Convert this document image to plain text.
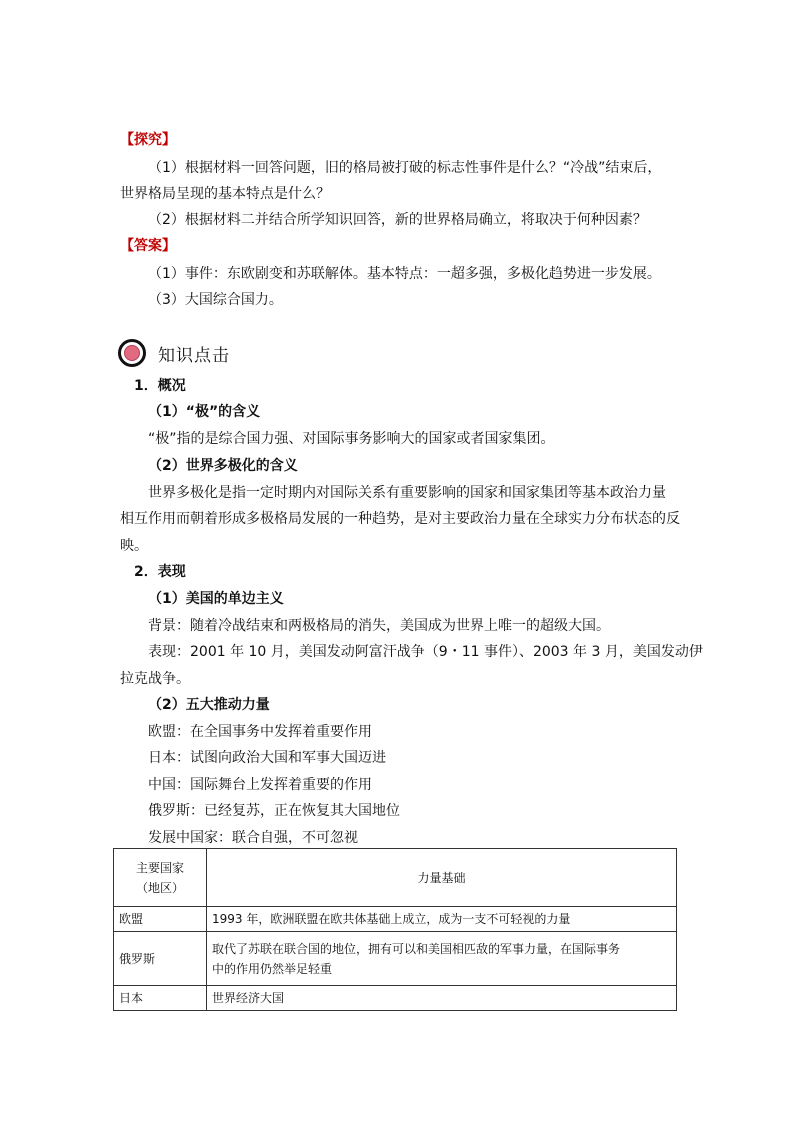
【探究】
（1）根据材料一回答问题，旧的格局被打破的标志性事件是什么？“冷战”结束后，
世界格局呈现的基本特点是什么？
（2）根据材料二并结合所学知识回答，新的世界格局确立，将取决于何种因素？
【答案】
（1）事件：东欧剧变和苏联解体。基本特点：一超多强，多极化趋势进一步发展。
（3）大国综合国力。
知识点击
1．概况
（1）“极”的含义
“极”指的是综合国力强、对国际事务影响大的国家或者国家集团。
（2）世界多极化的含义
世界多极化是指一定时期内对国际关系有重要影响的国家和国家集团等基本政治力量
相互作用而朝着形成多极格局发展的一种趋势，是对主要政治力量在全球实力分布状态的反
映。
2．表现
（1）美国的单边主义
背景：随着冷战结束和两极格局的消失，美国成为世界上唯一的超级大国。
表现：2001 年 10 月，美国发动阿富汗战争（9・11 事件）、2003 年 3 月，美国发动伊
拉克战争。
（2）五大推动力量
欧盟：在全国事务中发挥着重要作用
日本：试图向政治大国和军事大国迈进
中国：国际舞台上发挥着重要的作用
俄罗斯：已经复苏，正在恢复其大国地位
发展中国家：联合自强，不可忽视
主要国家
（地区）	力量基础
欧盟	1993 年，欧洲联盟在欧共体基础上成立，成为一支不可轻视的力量
俄罗斯	取代了苏联在联合国的地位，拥有可以和美国相匹敌的军事力量，在国际事务
中的作用仍然举足轻重

日本	世界经济大国
